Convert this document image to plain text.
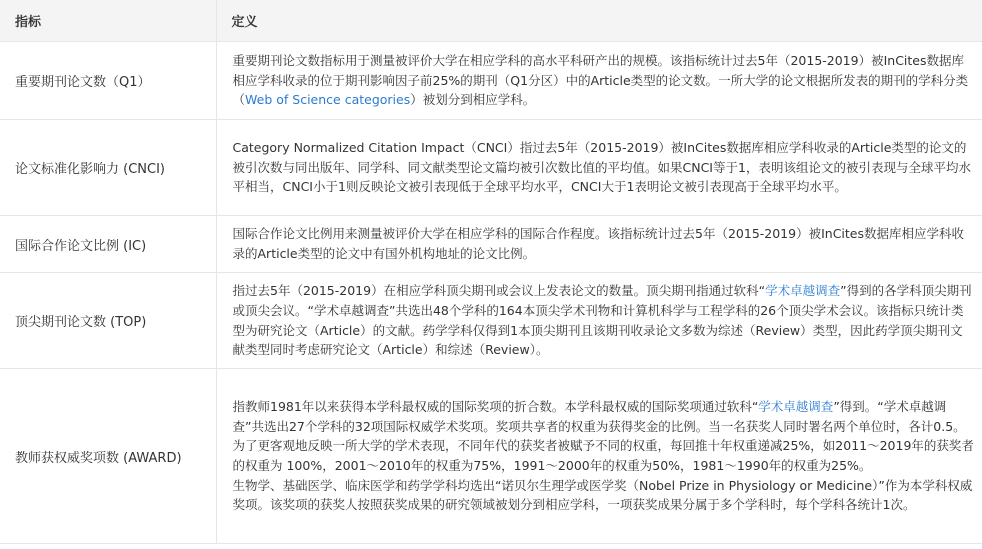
指标	定义
重要期刊论文数（Q1）	重要期刊论文数指标用于测量被评价大学在相应学科的高水平科研产出的规模。该指标统计过去5年（2015-2019）被InCites数据库相应学科收录的位于期刊影响因子前25%的期刊（Q1分区）中的Article类型的论文数。一所大学的论文根据所发表的期刊的学科分类（Web of Science categories）被划分到相应学科。
论文标准化影响力 (CNCI)	Category Normalized Citation Impact（CNCI）指过去5年（2015-2019）被InCites数据库相应学科收录的Article类型的论文的被引次数与同出版年、同学科、同文献类型论文篇均被引次数比值的平均值。如果CNCI等于1，表明该组论文的被引表现与全球平均水平相当，CNCI小于1则反映论文被引表现低于全球平均水平，CNCI大于1表明论文被引表现高于全球平均水平。
国际合作论文比例 (IC)	国际合作论文比例用来测量被评价大学在相应学科的国际合作程度。该指标统计过去5年（2015-2019）被InCites数据库相应学科收录的Article类型的论文中有国外机构地址的论文比例。
顶尖期刊论文数 (TOP)	指过去5年（2015-2019）在相应学科顶尖期刊或会议上发表论文的数量。顶尖期刊指通过软科“学术卓越调查”得到的各学科顶尖期刊或顶尖会议。“学术卓越调查”共选出48个学科的164本顶尖学术刊物和计算机科学与工程学科的26个顶尖学术会议。该指标只统计类型为研究论文（Article）的文献。药学学科仅得到1本顶尖期刊且该期刊收录论文多数为综述（Review）类型，因此药学顶尖期刊文献类型同时考虑研究论文（Article）和综述（Review）。
教师获权威奖项数 (AWARD)	指教师1981年以来获得本学科最权威的国际奖项的折合数。本学科最权威的国际奖项通过软科“学术卓越调查”得到。“学术卓越调查”共选出27个学科的32项国际权威学术奖项。奖项共享者的权重为获得奖金的比例。当一名获奖人同时署名两个单位时，各计0.5。为了更客观地反映一所大学的学术表现，不同年代的获奖者被赋予不同的权重，每回推十年权重递减25%，如2011～2019年的获奖者的权重为 100%，2001～2010年的权重为75%，1991～2000年的权重为50%，1981～1990年的权重为25%。
生物学、基础医学、临床医学和药学学科均选出“诺贝尔生理学或医学奖（Nobel Prize in Physiology or Medicine）”作为本学科权威奖项。该奖项的获奖人按照获奖成果的研究领域被划分到相应学科，一项获奖成果分属于多个学科时，每个学科各统计1次。
